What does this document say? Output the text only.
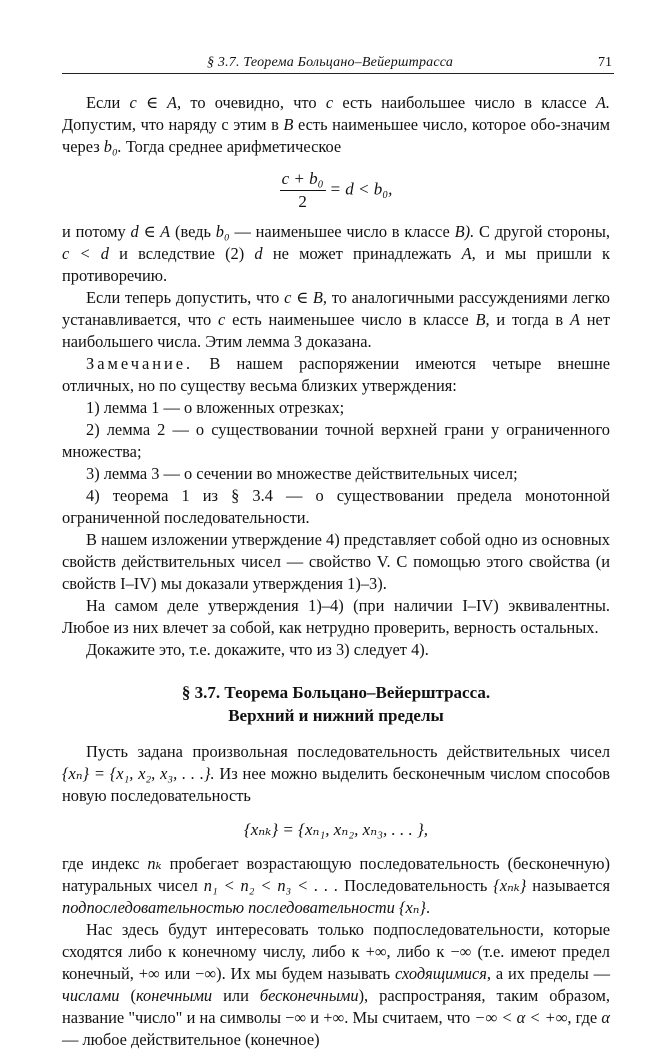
§ 3.7. Теорема Больцано–Вейерштрасса	71

Если c ∈ A, то очевидно, что c есть наибольшее число в классе A. Допустим, что наряду с этим в B есть наименьшее число, которое обо-значим через b₀. Тогда среднее арифметическое

$\frac{\text{c + b₀}}{2} = d < b_0$,

и потому d ∈ A (ведь b₀ — наименьшее число в классе B). С другой стороны, c < d и вследствие (2) d не может принадлежать A, и мы пришли к противоречию.

Если теперь допустить, что c ∈ B, то аналогичными рассуждениями легко устанавливается, что c есть наименьшее число в классе B, и тогда в A нет наибольшего числа. Этим лемма 3 доказана.

Замечание. В нашем распоряжении имеются четыре внешне отличных, но по существу весьма близких утверждения:

1) лемма 1 — о вложенных отрезках;

2) лемма 2 — о существовании точной верхней грани у ограниченного множества;

3) лемма 3 — о сечении во множестве действительных чисел;

4) теорема 1 из § 3.4 — о существовании предела монотонной ограниченной последовательности.

В нашем изложении утверждение 4) представляет собой одно из основных свойств действительных чисел — свойство V. С помощью этого свойства (и свойств I–IV) мы доказали утверждения 1)–3).

На самом деле утверждения 1)–4) (при наличии I–IV) эквивалентны. Любое из них влечет за собой, как нетрудно проверить, верность остальных.

Докажите это, т.е. докажите, что из 3) следует 4).

§ 3.7. Теорема Больцано–Вейерштрасса.

Верхний и нижний пределы

Пусть задана произвольная последовательность действительных чисел {xₙ} = {x₁, x₂, x₃, . . .}. Из нее можно выделить бесконечным числом способов новую последовательность

{xₙₖ} = {xₙ₁, xₙ₂, xₙ₃, . . . },

где индекс nₖ пробегает возрастающую последовательность (бесконечную) натуральных чисел n₁ < n₂ < n₃ < . . . Последовательность {xₙₖ} называется подпоследовательностью последовательности {xₙ}.

Нас здесь будут интересовать только подпоследовательности, которые сходятся либо к конечному числу, либо к +∞, либо к −∞ (т.е. имеют предел конечный, +∞ или −∞). Их мы будем называть сходящимися, а их пределы — числами (конечными или бесконечными), распространяя, таким образом, название "число" и на символы −∞ и +∞. Мы считаем, что −∞ < α < +∞, где α — любое действительное (конечное)
